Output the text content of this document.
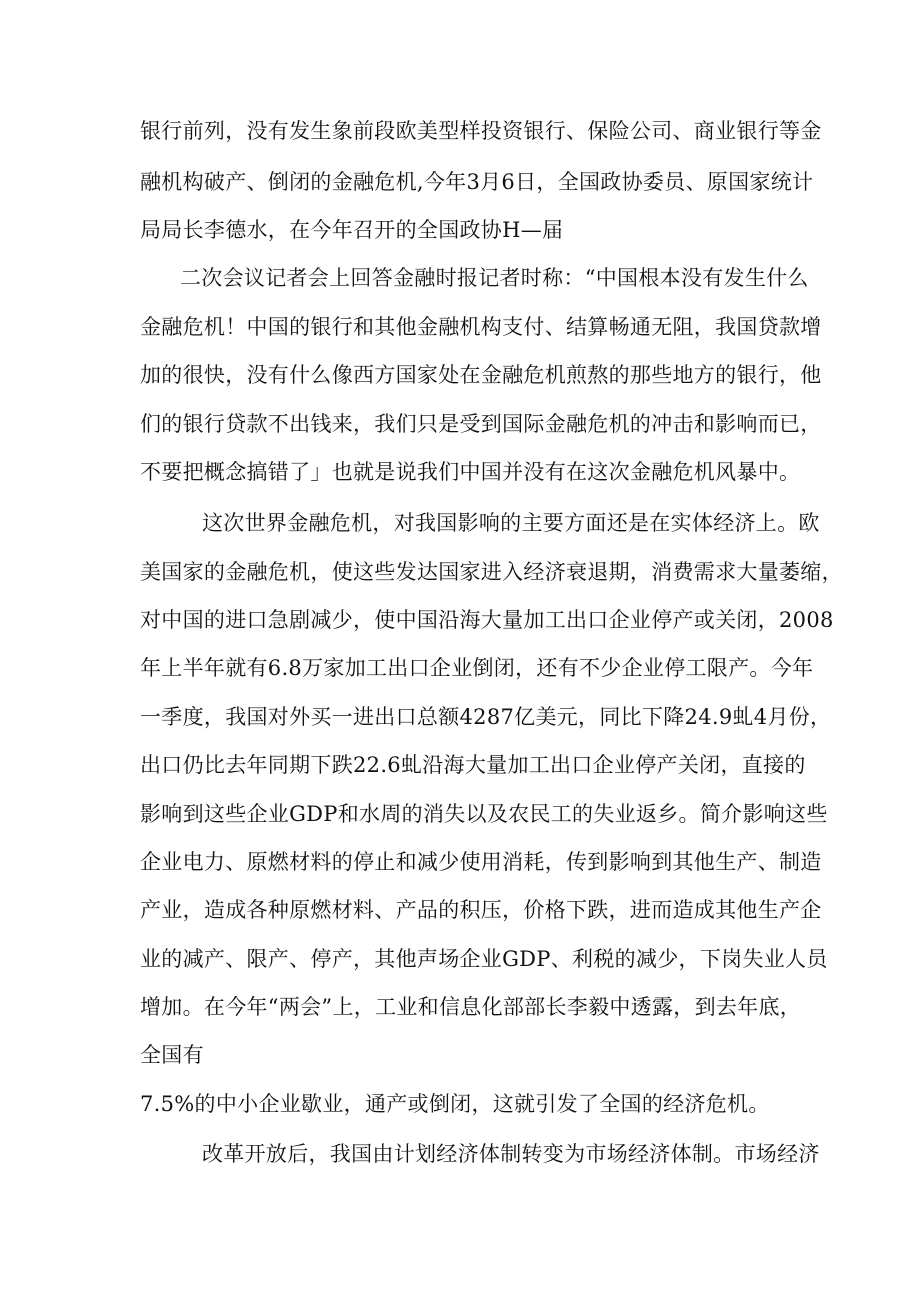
银行前列，没有发生象前段欧美型样投资银行、保险公司、商业银行等金
融机构破产、倒闭的金融危机,今年3月6日，全国政协委员、原国家统计
局局长李德水，在今年召开的全国政协H—届
二次会议记者会上回答金融时报记者时称：“中国根本没有发生什么
金融危机！中国的银行和其他金融机构支付、结算畅通无阻，我国贷款增
加的很快，没有什么像西方国家处在金融危机煎熬的那些地方的银行，他
们的银行贷款不出钱来，我们只是受到国际金融危机的冲击和影响而已，
不要把概念搞错了」也就是说我们中国并没有在这次金融危机风暴中。
这次世界金融危机，对我国影响的主要方面还是在实体经济上。欧
美国家的金融危机，使这些发达国家进入经济衰退期，消费需求大量萎缩，
对中国的进口急剧减少，使中国沿海大量加工出口企业停产或关闭，2008
年上半年就有6.8万家加工出口企业倒闭，还有不少企业停工限产。今年
一季度，我国对外买一进出口总额4287亿美元，同比下降24.9虬4月份，
出口仍比去年同期下跌22.6虬沿海大量加工出口企业停产关闭，直接的
影响到这些企业GDP和水周的消失以及农民工的失业返乡。简介影响这些
企业电力、原燃材料的停止和减少使用消耗，传到影响到其他生产、制造
产业，造成各种原燃材料、产品的积压，价格下跌，进而造成其他生产企
业的减产、限产、停产，其他声场企业GDP、利税的减少，下岗失业人员
增加。在今年“两会”上，工业和信息化部部长李毅中透露，到去年底，
全国有
7.5%的中小企业歇业，通产或倒闭，这就引发了全国的经济危机。
改革开放后，我国由计划经济体制转变为市场经济体制。市场经济
